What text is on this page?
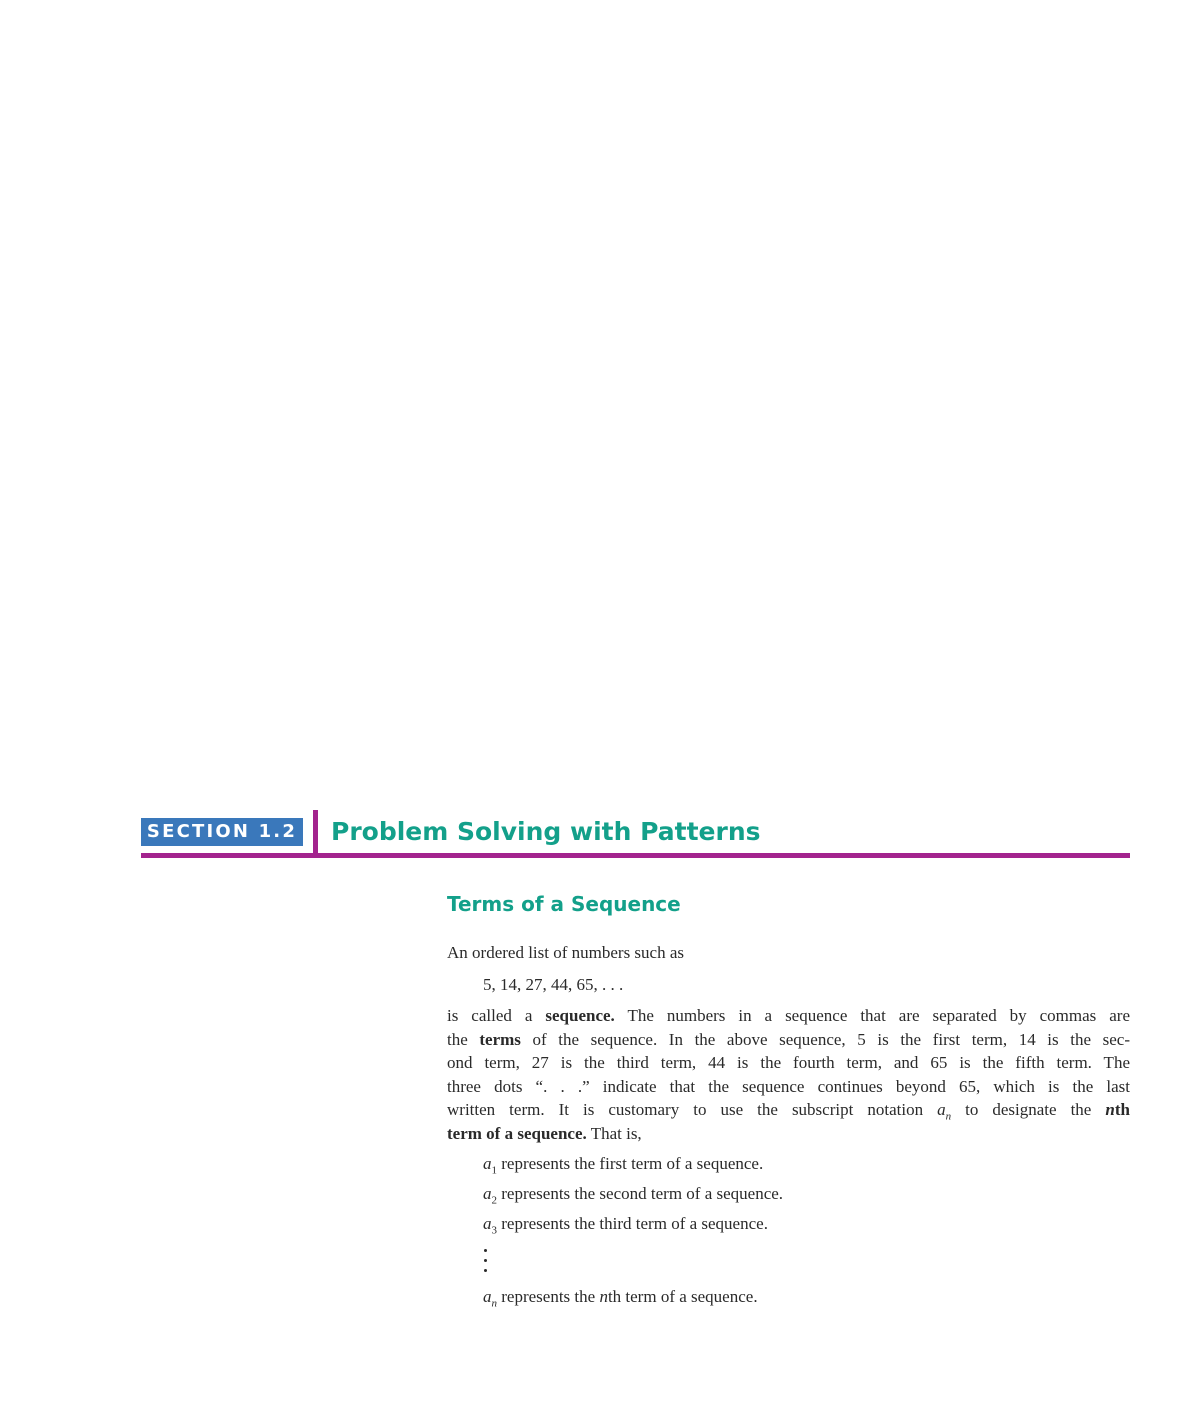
SECTION 1.2 Problem Solving with Patterns
Terms of a Sequence

An ordered list of numbers such as

5, 14, 27, 44, 65, . . .

is called a sequence. The numbers in a sequence that are separated by commas are
the terms of the sequence. In the above sequence, 5 is the first term, 14 is the sec-
ond term, 27 is the third term, 44 is the fourth term, and 65 is the fifth term. The
three dots “. . .” indicate that the sequence continues beyond 65, which is the last
written term. It is customary to use the subscript notation $a_n$ to designate the nth
term of a sequence. That is,

$a_1$ represents the first term of a sequence.

$a_2$ represents the second term of a sequence.

$a_3$ represents the third term of a sequence.

$a_n$ represents the nth term of a sequence.
